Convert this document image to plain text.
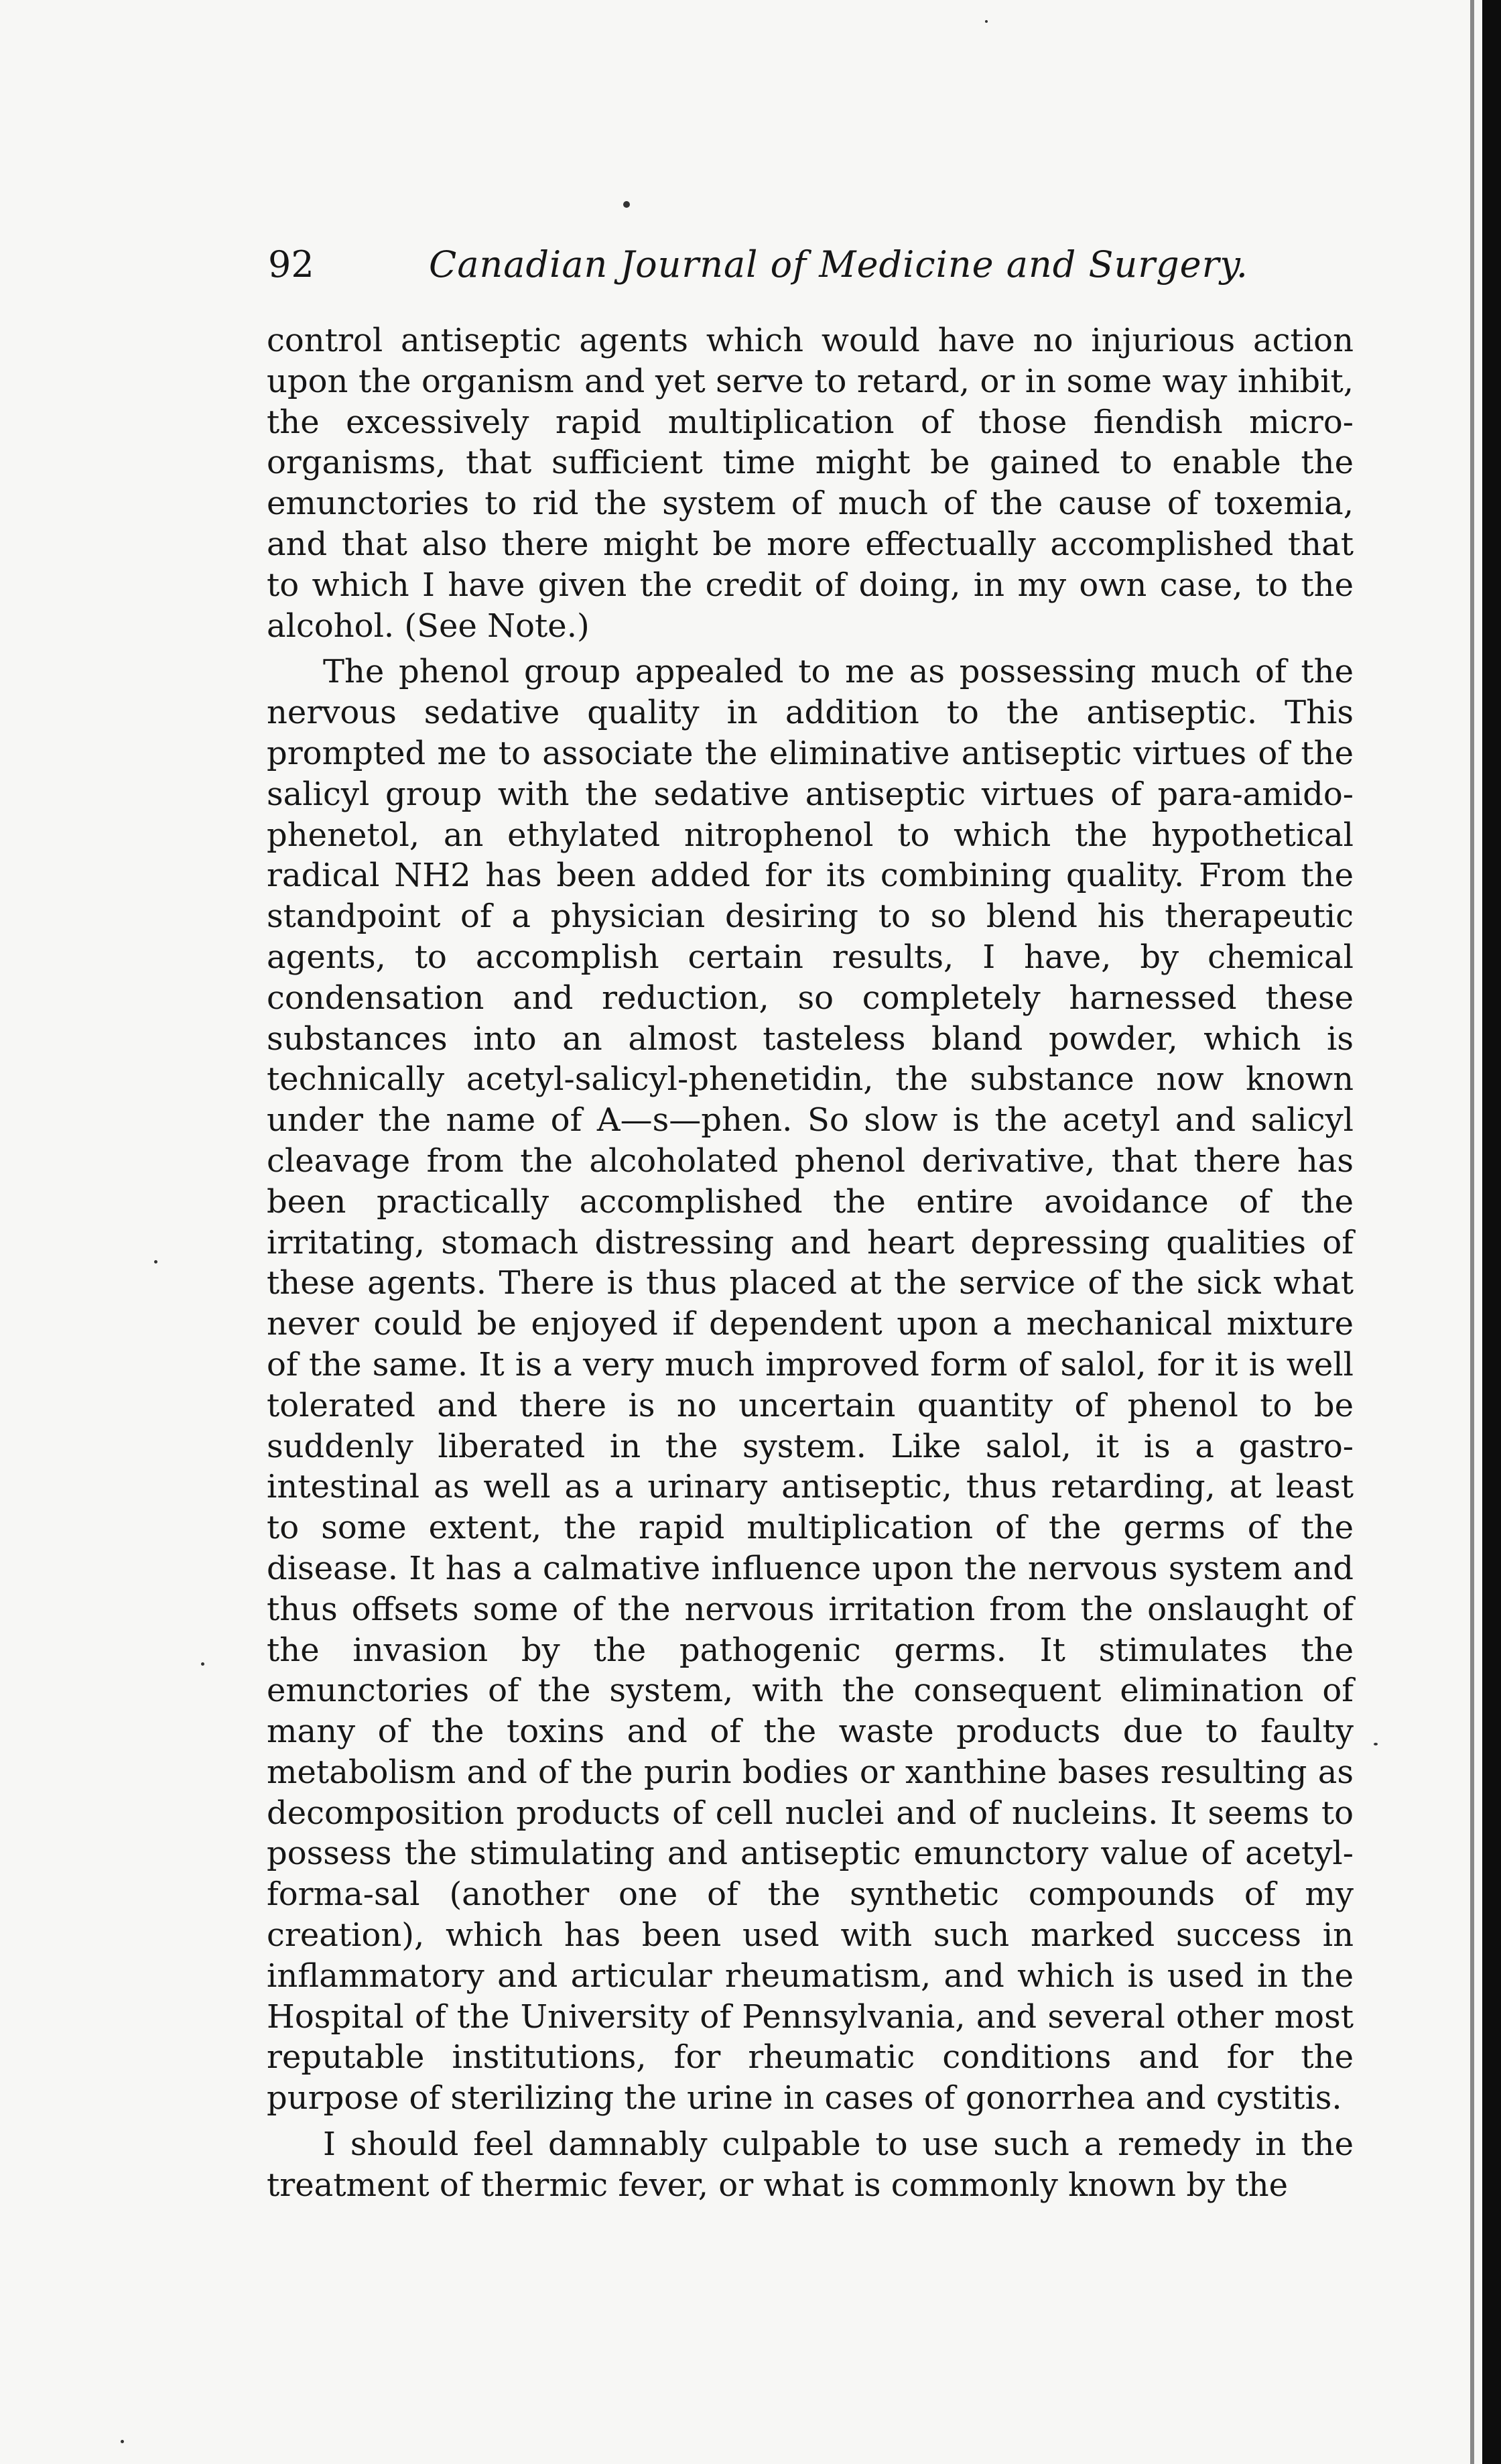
92	Canadian Journal of Medicine and Surgery.

control antiseptic agents which would have no injurious action upon the organism and yet serve to retard, or in some way inhibit, the excessively rapid multiplication of those fiendish micro-organisms, that sufficient time might be gained to enable the emunctories to rid the system of much of the cause of toxemia, and that also there might be more effectually accomplished that to which I have given the credit of doing, in my own case, to the alcohol. (See Note.)

The phenol group appealed to me as possessing much of the nervous sedative quality in addition to the antiseptic. This prompted me to associate the eliminative antiseptic virtues of the salicyl group with the sedative antiseptic virtues of para-amido-phenetol, an ethylated nitrophenol to which the hypothetical radical NH2 has been added for its combining quality. From the standpoint of a physician desiring to so blend his therapeutic agents, to accomplish certain results, I have, by chemical condensation and reduction, so completely harnessed these substances into an almost tasteless bland powder, which is technically acetyl-salicyl-phenetidin, the substance now known under the name of A—s—phen. So slow is the acetyl and salicyl cleavage from the alcoholated phenol derivative, that there has been practically accomplished the entire avoidance of the irritating, stomach distressing and heart depressing qualities of these agents. There is thus placed at the service of the sick what never could be enjoyed if dependent upon a mechanical mixture of the same. It is a very much improved form of salol, for it is well tolerated and there is no uncertain quantity of phenol to be suddenly liberated in the system. Like salol, it is a gastro-intestinal as well as a urinary antiseptic, thus retarding, at least to some extent, the rapid multiplication of the germs of the disease. It has a calmative influence upon the nervous system and thus offsets some of the nervous irritation from the onslaught of the invasion by the pathogenic germs. It stimulates the emunctories of the system, with the consequent elimination of many of the toxins and of the waste products due to faulty metabolism and of the purin bodies or xanthine bases resulting as decomposition products of cell nuclei and of nucleins. It seems to possess the stimulating and antiseptic emunctory value of acetyl-forma-sal (another one of the synthetic compounds of my creation), which has been used with such marked success in inflammatory and articular rheumatism, and which is used in the Hospital of the University of Pennsylvania, and several other most reputable institutions, for rheumatic conditions and for the purpose of sterilizing the urine in cases of gonorrhea and cystitis.

I should feel damnably culpable to use such a remedy in the treatment of thermic fever, or what is commonly known by the
